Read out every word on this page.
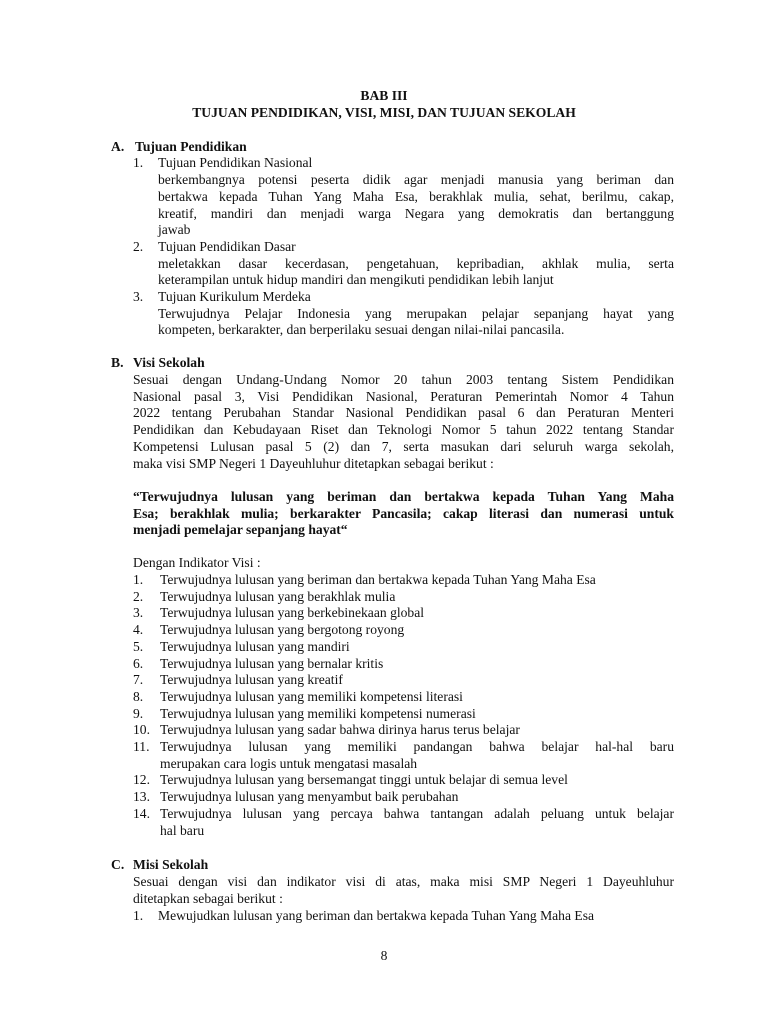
BAB III
TUJUAN PENDIDIKAN, VISI, MISI, DAN TUJUAN SEKOLAH
A. Tujuan Pendidikan
1. Tujuan Pendidikan Nasional
berkembangnya potensi peserta didik agar menjadi manusia yang beriman dan
bertakwa kepada Tuhan Yang Maha Esa, berakhlak mulia, sehat, berilmu, cakap,
kreatif, mandiri dan menjadi warga Negara yang demokratis dan bertanggung
jawab
2. Tujuan Pendidikan Dasar
meletakkan dasar kecerdasan, pengetahuan, kepribadian, akhlak mulia, serta
keterampilan untuk hidup mandiri dan mengikuti pendidikan lebih lanjut
3. Tujuan Kurikulum Merdeka
Terwujudnya Pelajar Indonesia yang merupakan pelajar sepanjang hayat yang
kompeten, berkarakter, dan berperilaku sesuai dengan nilai-nilai pancasila.
B. Visi Sekolah
Sesuai dengan Undang-Undang Nomor 20 tahun 2003 tentang Sistem Pendidikan
Nasional pasal 3, Visi Pendidikan Nasional, Peraturan Pemerintah Nomor 4 Tahun
2022 tentang Perubahan Standar Nasional Pendidikan pasal 6 dan Peraturan Menteri
Pendidikan dan Kebudayaan Riset dan Teknologi Nomor 5 tahun 2022 tentang Standar
Kompetensi Lulusan pasal 5 (2) dan 7, serta masukan dari seluruh warga sekolah,
maka visi SMP Negeri 1 Dayeuhluhur ditetapkan sebagai berikut :
“Terwujudnya lulusan yang beriman dan bertakwa kepada Tuhan Yang Maha
Esa; berakhlak mulia; berkarakter Pancasila; cakap literasi dan numerasi untuk
menjadi pemelajar sepanjang hayat“
Dengan Indikator Visi :
1. Terwujudnya lulusan yang beriman dan bertakwa kepada Tuhan Yang Maha Esa
2. Terwujudnya lulusan yang berakhlak mulia
3. Terwujudnya lulusan yang berkebinekaan global
4. Terwujudnya lulusan yang bergotong royong
5. Terwujudnya lulusan yang mandiri
6. Terwujudnya lulusan yang bernalar kritis
7. Terwujudnya lulusan yang kreatif
8. Terwujudnya lulusan yang memiliki kompetensi literasi
9. Terwujudnya lulusan yang memiliki kompetensi numerasi
10. Terwujudnya lulusan yang sadar bahwa dirinya harus terus belajar
11. Terwujudnya lulusan yang memiliki pandangan bahwa belajar hal-hal baru
merupakan cara logis untuk mengatasi masalah
12. Terwujudnya lulusan yang bersemangat tinggi untuk belajar di semua level
13. Terwujudnya lulusan yang menyambut baik perubahan
14. Terwujudnya lulusan yang percaya bahwa tantangan adalah peluang untuk belajar
hal baru
C. Misi Sekolah
Sesuai dengan visi dan indikator visi di atas, maka misi SMP Negeri 1 Dayeuhluhur
ditetapkan sebagai berikut :
1. Mewujudkan lulusan yang beriman dan bertakwa kepada Tuhan Yang Maha Esa
8
